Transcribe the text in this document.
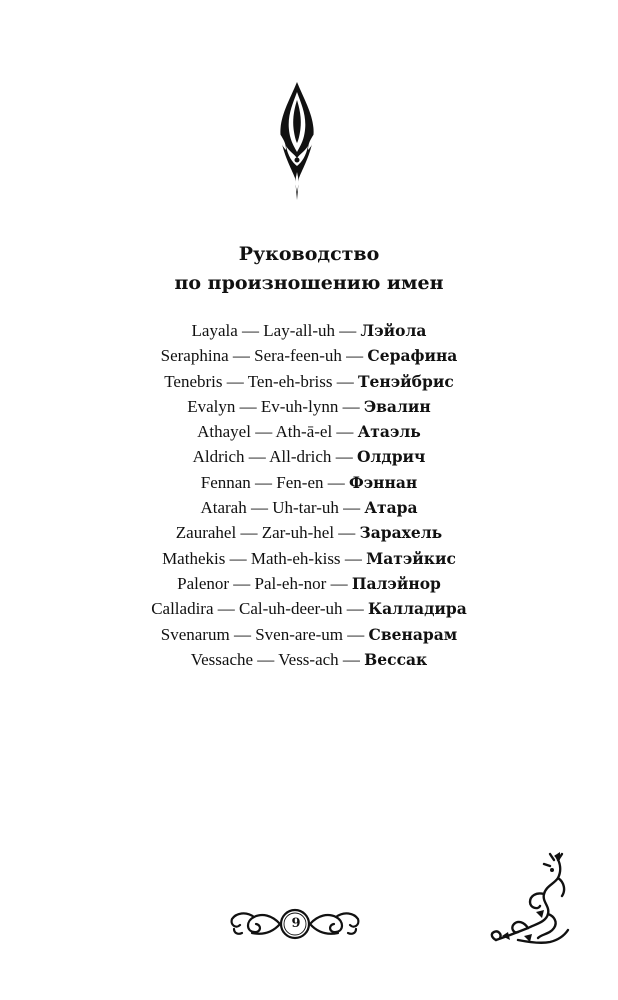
Руководство
по произношению имен
Layala — Lay-all-uh — Лэйола
Seraphina — Sera-feen-uh — Серафина
Tenebris — Ten-eh-briss — Тенэйбрис
Evalyn — Ev-uh-lynn — Эвалин
Athayel — Ath-ā-el — Атаэль
Aldrich — All-drich — Олдрич
Fennan — Fen-en — Фэннан
Atarah — Uh-tar-uh — Атара
Zaurahel — Zar-uh-hel — Зарахель
Mathekis — Math-eh-kiss — Матэйкис
Palenor — Pal-eh-nor — Палэйнор
Calladira — Cal-uh-deer-uh — Калладира
Svenarum — Sven-are-um — Свенарам
Vessache — Vess-ach — Вессак
9
